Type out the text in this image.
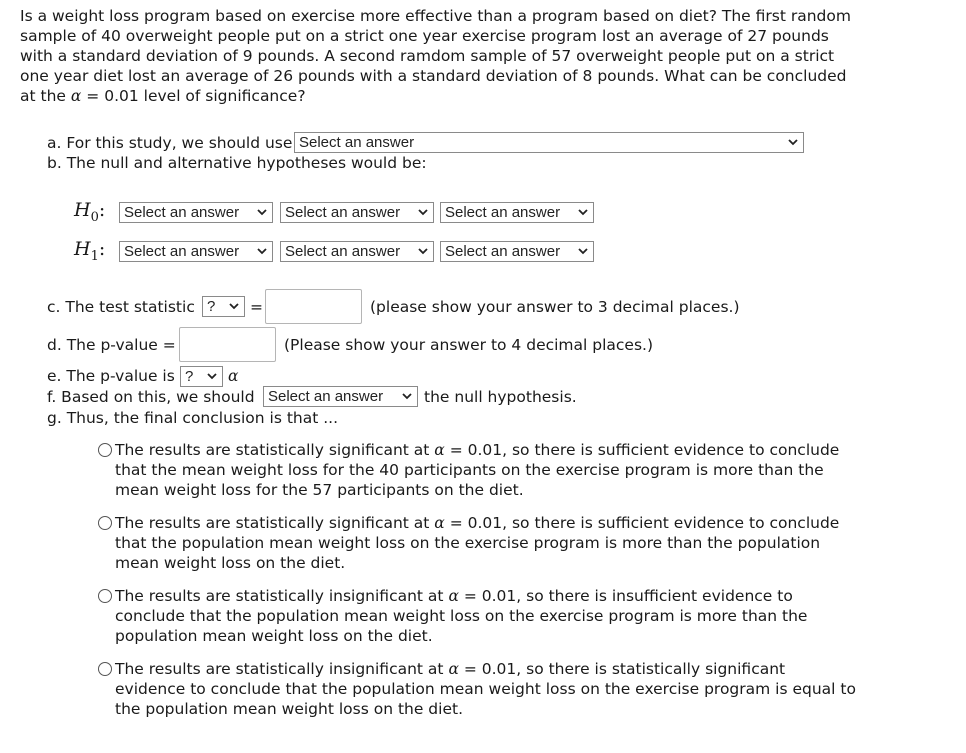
Is a weight loss program based on exercise more effective than a program based on diet? The first random
sample of 40 overweight people put on a strict one year exercise program lost an average of 27 pounds
with a standard deviation of 9 pounds. A second ramdom sample of 57 overweight people put on a strict
one year diet lost an average of 26 pounds with a standard deviation of 8 pounds. What can be concluded
at the α = 0.01 level of significance?
a. For this study, we should use Select an answer
b. The null and alternative hypotheses would be:
$H_0$:	Select an answer	Select an answer	Select an answer
$H_1$:	Select an answer	Select an answer	Select an answer
c. The test statistic ?	=	(please show your answer to 3 decimal places.)
d. The p-value =	(Please show your answer to 4 decimal places.)
e. The p-value is ?	α
f. Based on this, we should Select an answer	the null hypothesis.
g. Thus, the final conclusion is that ...
The results are statistically significant at α = 0.01, so there is sufficient evidence to conclude
that the mean weight loss for the 40 participants on the exercise program is more than the
mean weight loss for the 57 participants on the diet.
The results are statistically significant at α = 0.01, so there is sufficient evidence to conclude
that the population mean weight loss on the exercise program is more than the population
mean weight loss on the diet.
The results are statistically insignificant at α = 0.01, so there is insufficient evidence to
conclude that the population mean weight loss on the exercise program is more than the
population mean weight loss on the diet.
The results are statistically insignificant at α = 0.01, so there is statistically significant
evidence to conclude that the population mean weight loss on the exercise program is equal to
the population mean weight loss on the diet.
